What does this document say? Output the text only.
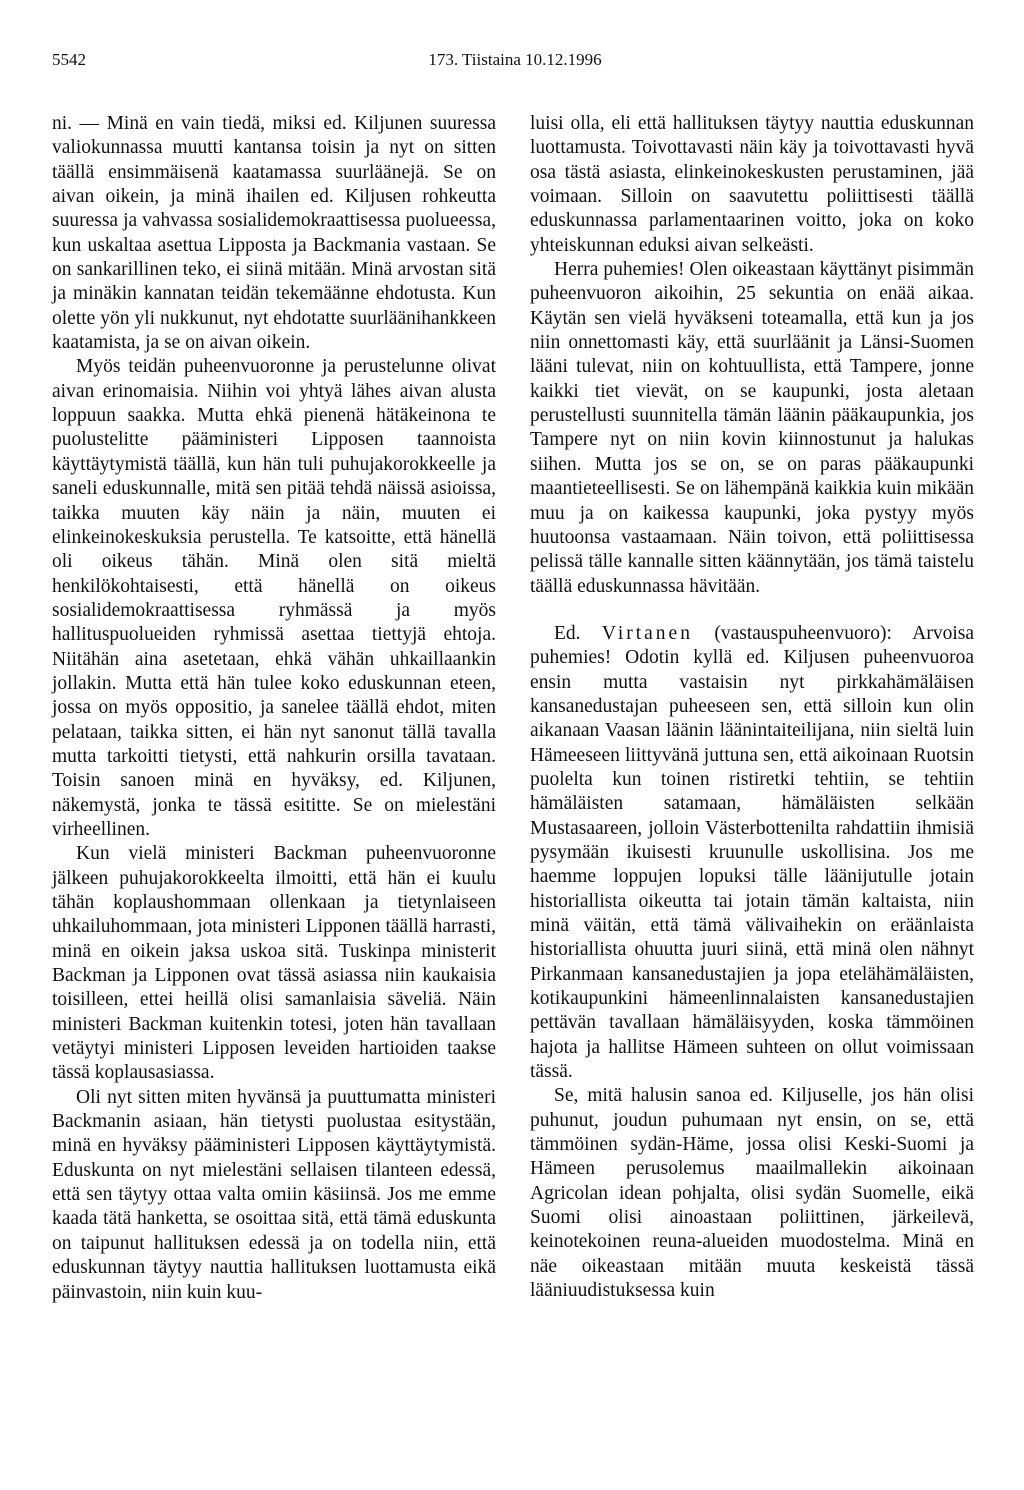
5542	173. Tiistaina 10.12.1996

ni. — Minä en vain tiedä, miksi ed. Kiljunen suuressa valiokunnassa muutti kantansa toisin ja nyt on sitten täällä ensimmäisenä kaatamassa suurläänejä. Se on aivan oikein, ja minä ihailen ed. Kiljusen rohkeutta suuressa ja vahvassa sosialidemokraattisessa puolueessa, kun uskaltaa asettua Lipposta ja Backmania vastaan. Se on sankarillinen teko, ei siinä mitään. Minä arvostan sitä ja minäkin kannatan teidän tekemäänne ehdotusta. Kun olette yön yli nukkunut, nyt ehdotatte suurläänihankkeen kaatamista, ja se on aivan oikein.

Myös teidän puheenvuoronne ja perustelunne olivat aivan erinomaisia. Niihin voi yhtyä lähes aivan alusta loppuun saakka. Mutta ehkä pienenä hätäkeinona te puolustelitte pääministeri Lipposen taannoista käyttäytymistä täällä, kun hän tuli puhujakorokkeelle ja saneli eduskunnalle, mitä sen pitää tehdä näissä asioissa, taikka muuten käy näin ja näin, muuten ei elinkeinokeskuksia perustella. Te katsoitte, että hänellä oli oikeus tähän. Minä olen sitä mieltä henkilökohtaisesti, että hänellä on oikeus sosialidemokraattisessa ryhmässä ja myös hallituspuolueiden ryhmissä asettaa tiettyjä ehtoja. Niitähän aina asetetaan, ehkä vähän uhkaillaankin jollakin. Mutta että hän tulee koko eduskunnan eteen, jossa on myös oppositio, ja sanelee täällä ehdot, miten pelataan, taikka sitten, ei hän nyt sanonut tällä tavalla mutta tarkoitti tietysti, että nahkurin orsilla tavataan. Toisin sanoen minä en hyväksy, ed. Kiljunen, näkemystä, jonka te tässä esititte. Se on mielestäni virheellinen.

Kun vielä ministeri Backman puheenvuoronne jälkeen puhujakorokkeelta ilmoitti, että hän ei kuulu tähän koplaushommaan ollenkaan ja tietynlaiseen uhkailuhommaan, jota ministeri Lipponen täällä harrasti, minä en oikein jaksa uskoa sitä. Tuskinpa ministerit Backman ja Lipponen ovat tässä asiassa niin kaukaisia toisilleen, ettei heillä olisi samanlaisia säveliä. Näin ministeri Backman kuitenkin totesi, joten hän tavallaan vetäytyi ministeri Lipposen leveiden hartioiden taakse tässä koplausasiassa.

Oli nyt sitten miten hyvänsä ja puuttumatta ministeri Backmanin asiaan, hän tietysti puolustaa esitystään, minä en hyväksy pääministeri Lipposen käyttäytymistä. Eduskunta on nyt mielestäni sellaisen tilanteen edessä, että sen täytyy ottaa valta omiin käsiinsä. Jos me emme kaada tätä hanketta, se osoittaa sitä, että tämä eduskunta on taipunut hallituksen edessä ja on todella niin, että eduskunnan täytyy nauttia hallituksen luottamusta eikä päinvastoin, niin kuin kuu-

luisi olla, eli että hallituksen täytyy nauttia eduskunnan luottamusta. Toivottavasti näin käy ja toivottavasti hyvä osa tästä asiasta, elinkeinokeskusten perustaminen, jää voimaan. Silloin on saavutettu poliittisesti täällä eduskunnassa parlamentaarinen voitto, joka on koko yhteiskunnan eduksi aivan selkeästi.

Herra puhemies! Olen oikeastaan käyttänyt pisimmän puheenvuoron aikoihin, 25 sekuntia on enää aikaa. Käytän sen vielä hyväkseni toteamalla, että kun ja jos niin onnettomasti käy, että suurläänit ja Länsi-Suomen lääni tulevat, niin on kohtuullista, että Tampere, jonne kaikki tiet vievät, on se kaupunki, josta aletaan perustellusti suunnitella tämän läänin pääkaupunkia, jos Tampere nyt on niin kovin kiinnostunut ja halukas siihen. Mutta jos se on, se on paras pääkaupunki maantieteellisesti. Se on lähempänä kaikkia kuin mikään muu ja on kaikessa kaupunki, joka pystyy myös huutoonsa vastaamaan. Näin toivon, että poliittisessa pelissä tälle kannalle sitten käännytään, jos tämä taistelu täällä eduskunnassa hävitään.

Ed. Virtanen (vastauspuheenvuoro): Arvoisa puhemies! Odotin kyllä ed. Kiljusen puheenvuoroa ensin mutta vastaisin nyt pirkkahämäläisen kansanedustajan puheeseen sen, että silloin kun olin aikanaan Vaasan läänin läänintaiteilijana, niin sieltä luin Hämeeseen liittyvänä juttuna sen, että aikoinaan Ruotsin puolelta kun toinen ristiretki tehtiin, se tehtiin hämäläisten satamaan, hämäläisten selkään Mustasaareen, jolloin Västerbottenilta rahdattiin ihmisiä pysymään ikuisesti kruunulle uskollisina. Jos me haemme loppujen lopuksi tälle läänijutulle jotain historiallista oikeutta tai jotain tämän kaltaista, niin minä väitän, että tämä välivaihekin on eräänlaista historiallista ohuutta juuri siinä, että minä olen nähnyt Pirkanmaan kansanedustajien ja jopa etelähämäläisten, kotikaupunkini hämeenlinnalaisten kansanedustajien pettävän tavallaan hämäläisyyden, koska tämmöinen hajota ja hallitse Hämeen suhteen on ollut voimissaan tässä.

Se, mitä halusin sanoa ed. Kiljuselle, jos hän olisi puhunut, joudun puhumaan nyt ensin, on se, että tämmöinen sydän-Häme, jossa olisi Keski-Suomi ja Hämeen perusolemus maailmallekin aikoinaan Agricolan idean pohjalta, olisi sydän Suomelle, eikä Suomi olisi ainoastaan poliittinen, järkeilevä, keinotekoinen reuna-alueiden muodostelma. Minä en näe oikeastaan mitään muuta keskeistä tässä lääniuudistuksessa kuin
